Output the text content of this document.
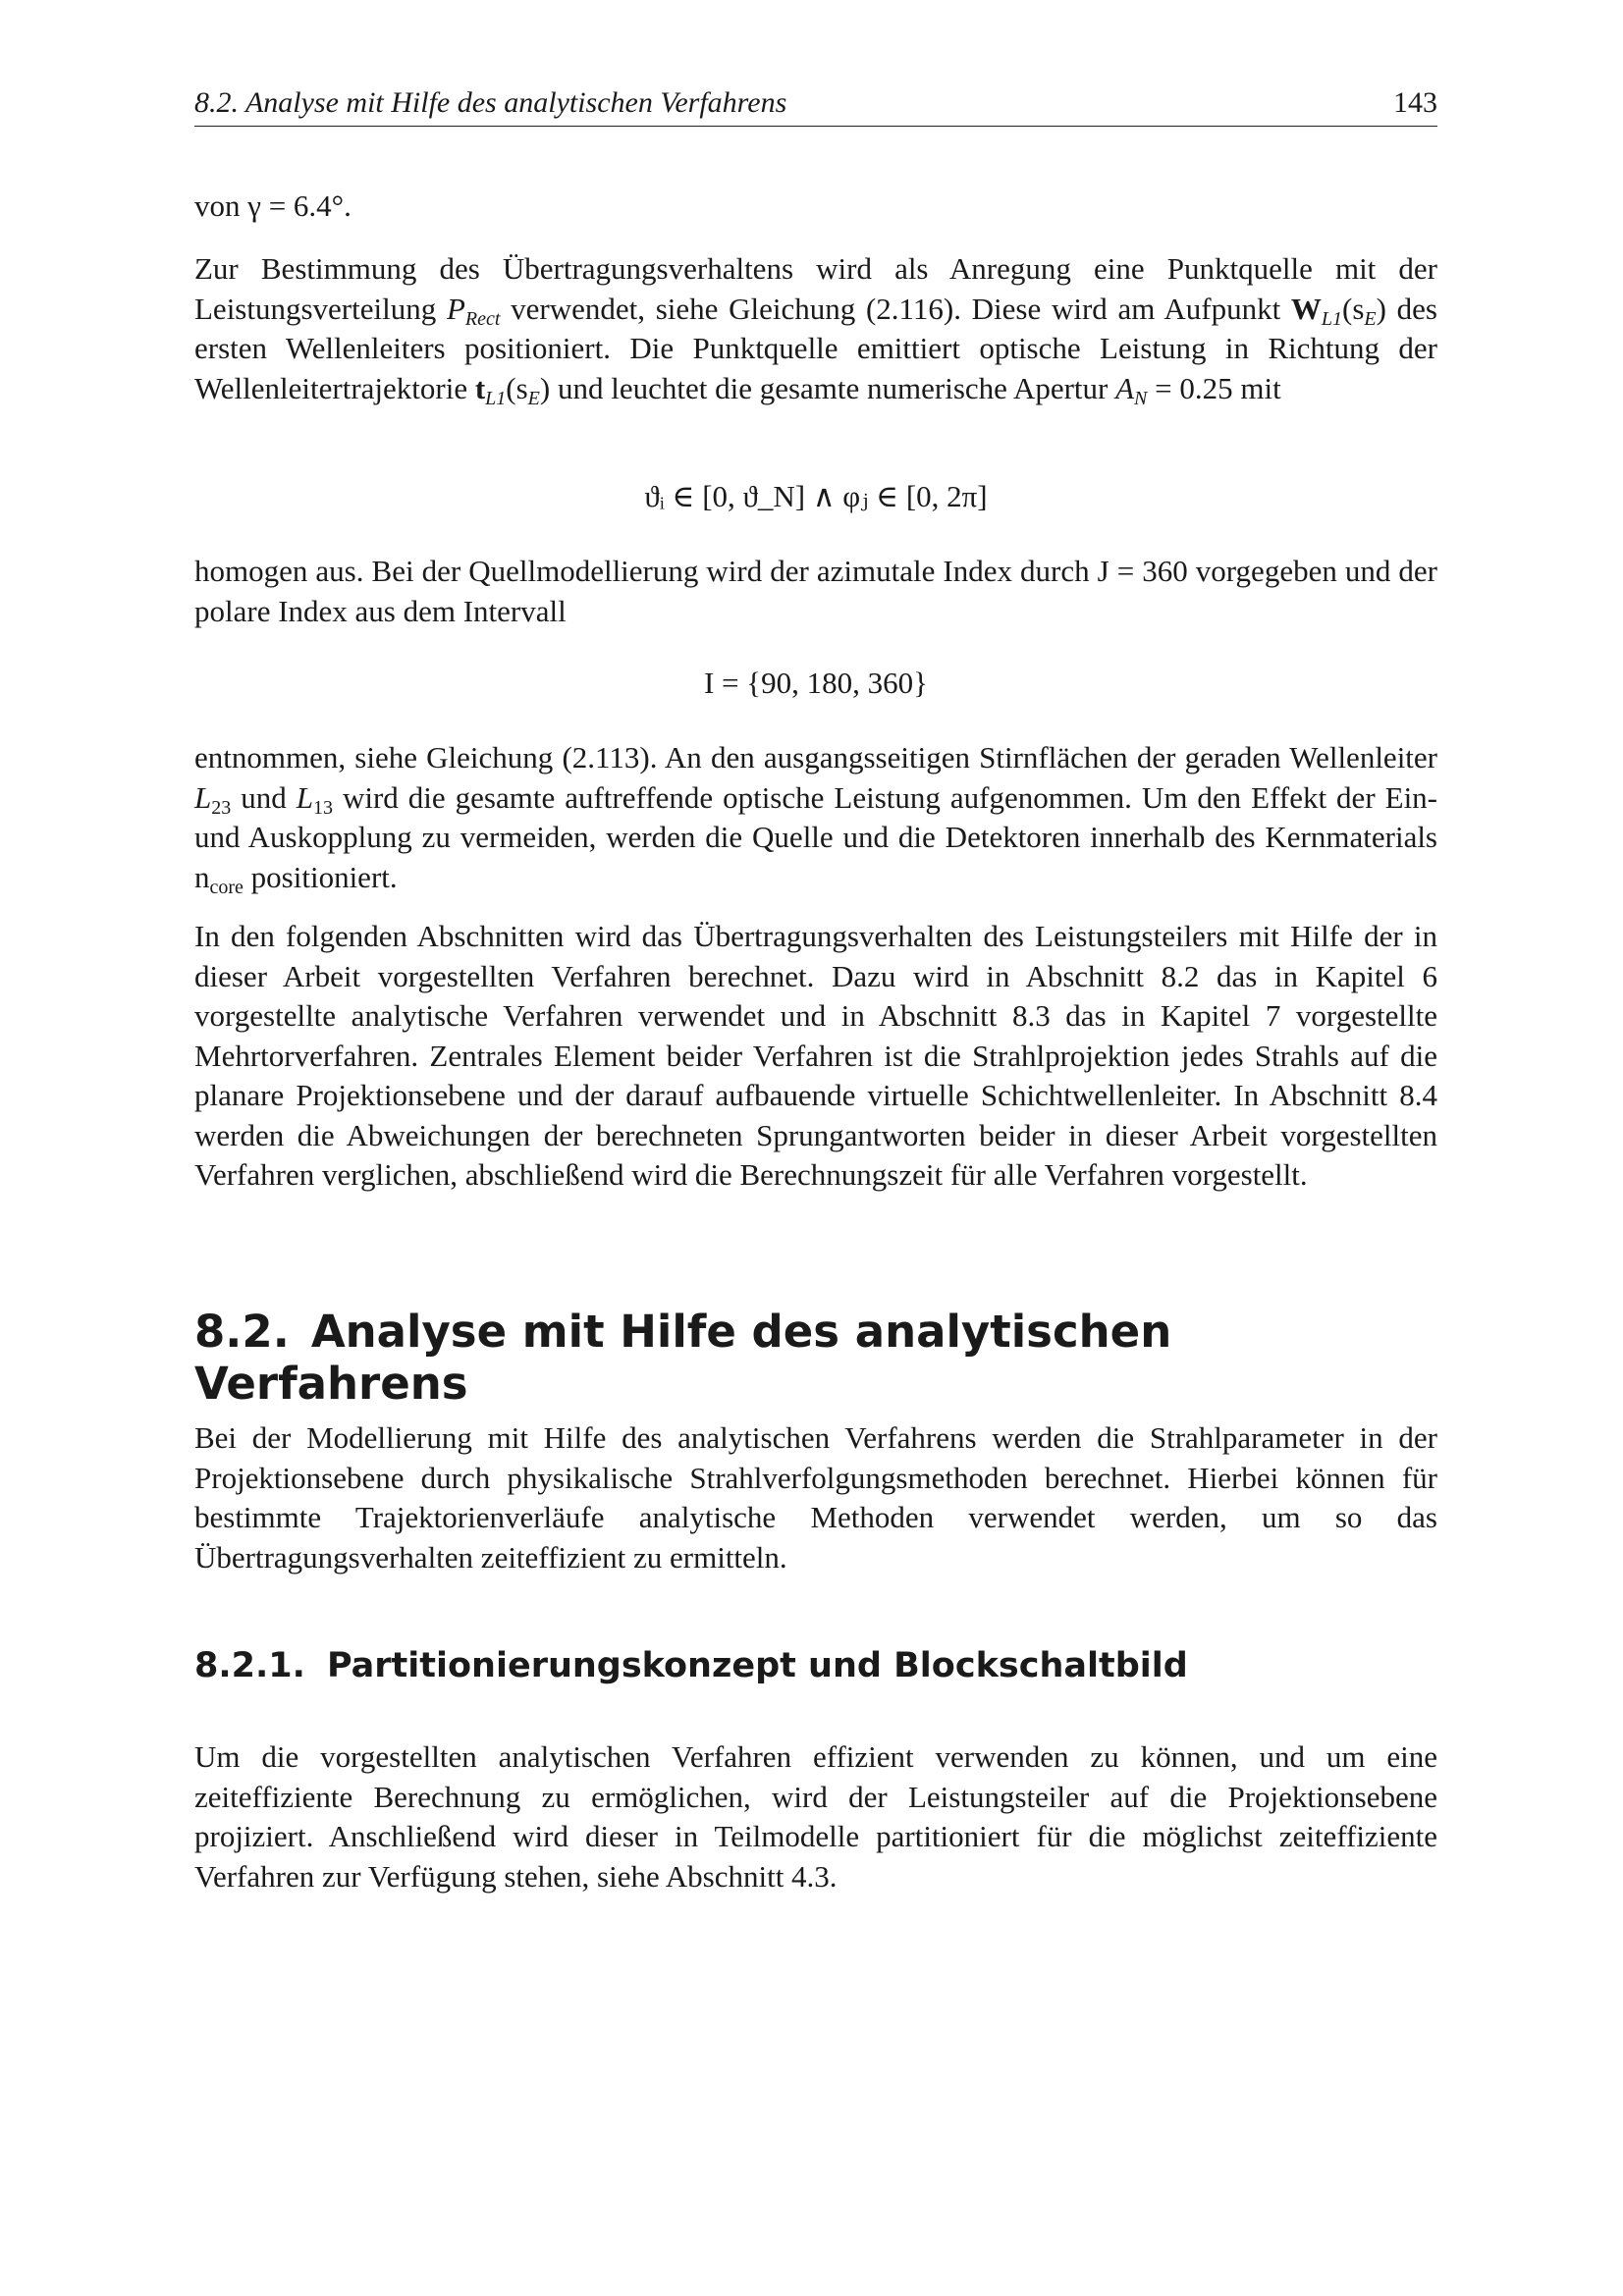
8.2. Analyse mit Hilfe des analytischen Verfahrens	143

von γ = 6.4°.

Zur Bestimmung des Übertragungsverhaltens wird als Anregung eine Punktquelle mit der Leistungsverteilung $P_{Rect}$ verwendet, siehe Gleichung (2.116). Diese wird am Aufpunkt $W_{L1}(s_E)$ des ersten Wellenleiters positioniert. Die Punktquelle emittiert optische Leistung in Richtung der Wellenleitertrajektorie $t_{L1}(s_E)$ und leuchtet die gesamte numerische Apertur $A_N = 0.25$ mit

ϑᵢ ∈ [0, ϑ_N] ∧ φⱼ ∈ [0, 2π]

homogen aus. Bei der Quellmodellierung wird der azimutale Index durch J = 360 vorgegeben und der polare Index aus dem Intervall

I = {90, 180, 360}

entnommen, siehe Gleichung (2.113). An den ausgangsseitigen Stirnflächen der geraden Wellenleiter $L_{23}$ und $L_{13}$ wird die gesamte auftreffende optische Leistung aufgenommen. Um den Effekt der Ein- und Auskopplung zu vermeiden, werden die Quelle und die Detektoren innerhalb des Kernmaterials $n_{core}$ positioniert.

In den folgenden Abschnitten wird das Übertragungsverhalten des Leistungsteilers mit Hilfe der in dieser Arbeit vorgestellten Verfahren berechnet. Dazu wird in Abschnitt 8.2 das in Kapitel 6 vorgestellte analytische Verfahren verwendet und in Abschnitt 8.3 das in Kapitel 7 vorgestellte Mehrtorverfahren. Zentrales Element beider Verfahren ist die Strahlprojektion jedes Strahls auf die planare Projektionsebene und der darauf aufbauende virtuelle Schichtwellenleiter. In Abschnitt 8.4 werden die Abweichungen der berechneten Sprungantworten beider in dieser Arbeit vorgestellten Verfahren verglichen, abschließend wird die Berechnungszeit für alle Verfahren vorgestellt.

8.2. Analyse mit Hilfe des analytischen Verfahrens

Bei der Modellierung mit Hilfe des analytischen Verfahrens werden die Strahlparameter in der Projektionsebene durch physikalische Strahlverfolgungsmethoden berechnet. Hierbei können für bestimmte Trajektorienverläufe analytische Methoden verwendet werden, um so das Übertragungsverhalten zeiteffizient zu ermitteln.

8.2.1. Partitionierungskonzept und Blockschaltbild

Um die vorgestellten analytischen Verfahren effizient verwenden zu können, und um eine zeiteffiziente Berechnung zu ermöglichen, wird der Leistungsteiler auf die Projektionsebene projiziert. Anschließend wird dieser in Teilmodelle partitioniert für die möglichst zeiteffiziente Verfahren zur Verfügung stehen, siehe Abschnitt 4.3.
